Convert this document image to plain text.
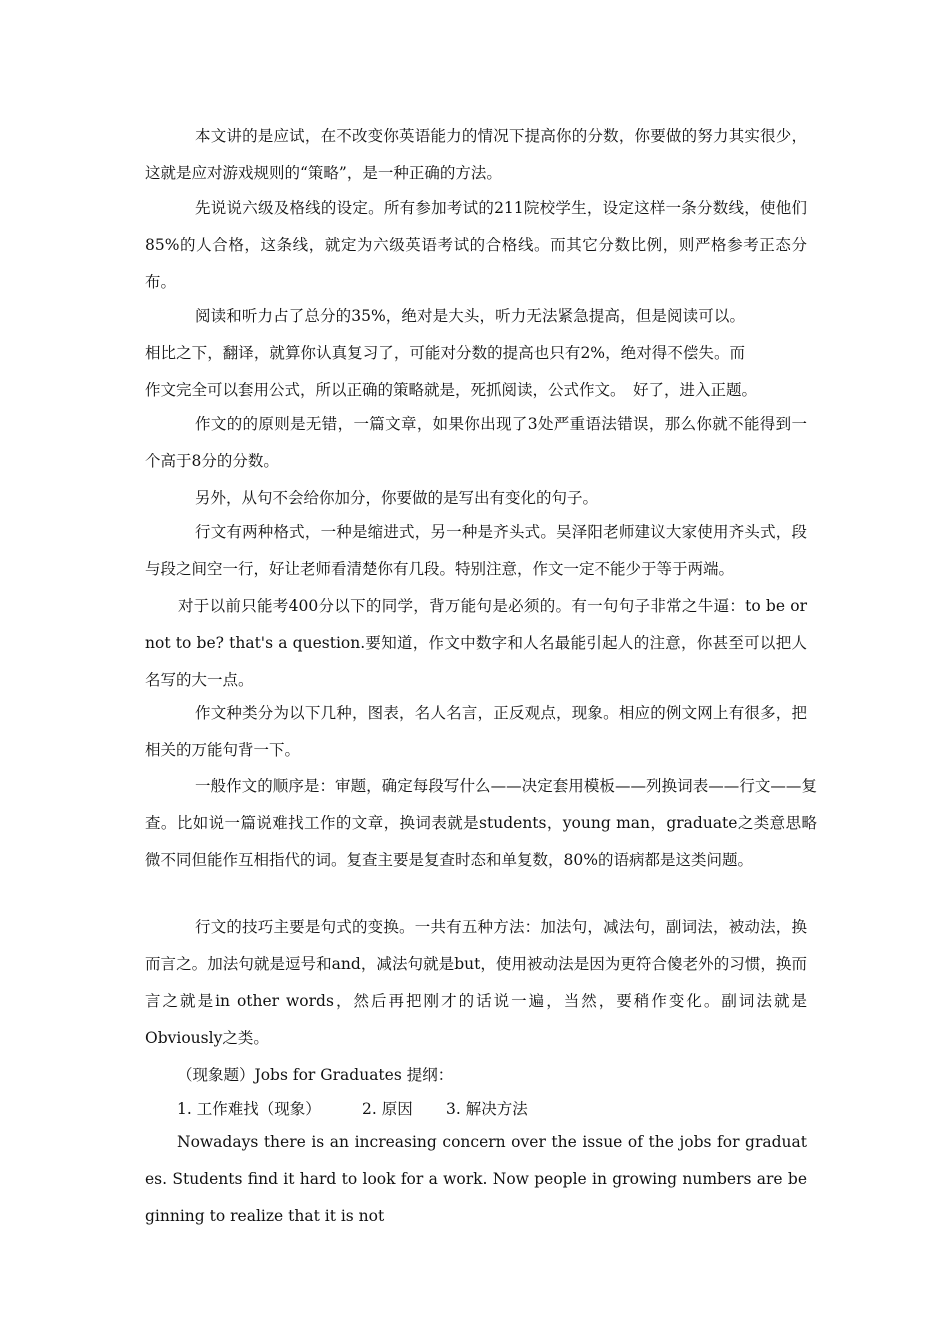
本文讲的是应试，在不改变你英语能力的情况下提高你的分数，你要做的努力其实很少，这就是应对游戏规则的“策略”，是一种正确的方法。
先说说六级及格线的设定。所有参加考试的211院校学生，设定这样一条分数线，使他们85%的人合格，这条线，就定为六级英语考试的合格线。而其它分数比例，则严格参考正态分布。
阅读和听力占了总分的35%，绝对是大头，听力无法紧急提高，但是阅读可以。相比之下，翻译，就算你认真复习了，可能对分数的提高也只有2%，绝对得不偿失。而作文完全可以套用公式，所以正确的策略就是，死抓阅读，公式作文。 好了，进入正题。
作文的的原则是无错，一篇文章，如果你出现了3处严重语法错误，那么你就不能得到一个高于8分的分数。
另外，从句不会给你加分，你要做的是写出有变化的句子。
行文有两种格式，一种是缩进式，另一种是齐头式。吴泽阳老师建议大家使用齐头式，段与段之间空一行，好让老师看清楚你有几段。特别注意，作文一定不能少于等于两端。
对于以前只能考400分以下的同学，背万能句是必须的。有一句句子非常之牛逼：to be or not to be? that's a question.要知道，作文中数字和人名最能引起人的注意，你甚至可以把人名写的大一点。
作文种类分为以下几种，图表，名人名言，正反观点，现象。相应的例文网上有很多，把相关的万能句背一下。
一般作文的顺序是：审题，确定每段写什么——决定套用模板——列换词表——行文——复查。比如说一篇说难找工作的文章，换词表就是students，young man，graduate之类意思略微不同但能作互相指代的词。复查主要是复查时态和单复数，80%的语病都是这类问题。
行文的技巧主要是句式的变换。一共有五种方法：加法句，减法句，副词法，被动法，换而言之。加法句就是逗号和and，减法句就是but，使用被动法是因为更符合傻老外的习惯，换而言之就是in other words，然后再把刚才的话说一遍，当然，要稍作变化。副词法就是Obviously之类。
（现象题）Jobs for Graduates 提纲：
1. 工作难找（现象）	2. 原因 3. 解决方法
Nowadays there is an increasing concern over the issue of the jobs for graduates. Students find it hard to look for a work. Now people in growing numbers are beginning to realize that it is not
